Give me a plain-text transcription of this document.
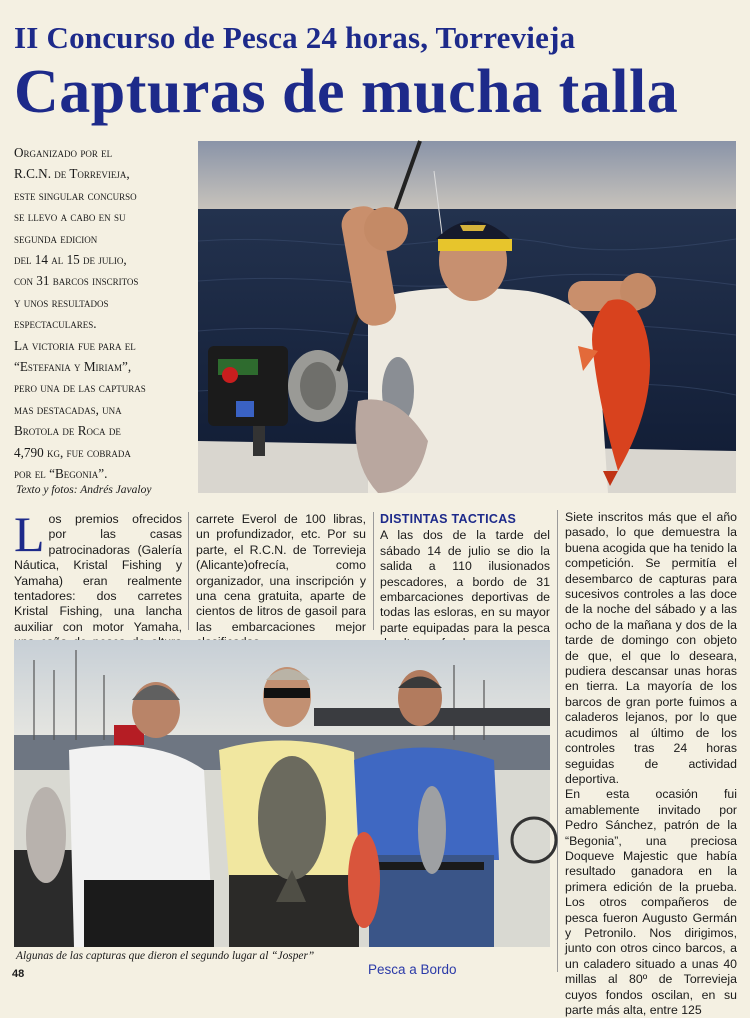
II Concurso de Pesca 24 horas, Torrevieja
Capturas de mucha talla

Organizado por el

R.C.N. de Torrevieja,

este singular concurso

se llevo a cabo en su

segunda edicion

del 14 al 15 de julio,

con 31 barcos inscritos

y unos resultados

espectaculares.

La victoria fue para el

“Estefania y Miriam”,

pero una de las capturas

mas destacadas, una

Brotola de Roca de

4,790 kg, fue cobrada

por el “Begonia”.

Texto y fotos: Andrés Javaloy
L os premios ofrecidos por las casas patrocinadoras (Galería Náutica, Kristal Fishing y Yamaha) eran realmente tentadores: dos carretes Kristal Fishing, una lancha auxiliar con motor Yamaha,
carrete Everol de 100 libras, un profundizador, etc. Por su parte, el R.C.N. de Torrevieja (Alicante)ofrecía, como organizador, una inscripción y una cena gratuita, aparte de cientos de litros de gasoil para las embarcaciones mejor
DISTINTAS TACTICAS
A las dos de la tarde del sábado 14 de julio se dio la salida a 110 ilusionados pescadores, a bordo de 31 embarcaciones deportivas de todas las esloras, en su mayor parte equipadas para la pesca
Siete inscritos más que el año pasado, lo que demuestra la buena acogida que ha tenido la competición. Se permitía el desembarco de capturas para sucesivos controles a las doce de la noche del sábado y a las ocho de la mañana y dos de la tarde de domingo con objeto de que, el que lo deseara, pudiera descansar unas horas en tierra. La mayoría de los barcos de gran porte fuimos a caladeros lejanos, por lo que acudimos al último de los controles tras 24 horas seguidas de actividad deportiva.
En esta ocasión fui amablemente invitado por Pedro Sánchez, patrón de la “Begonia”, una preciosa Doqueve Majestic que había resultado ganadora en la primera edición de la prueba. Los otros compañeros de pesca fueron Augusto Germán y Petronilo. Nos dirigimos, junto con otros cinco barcos, a un caladero situado a unas 40 millas al 80º de Torrevieja cuyos fondos oscilan, en su parte más alta, entre 125
Algunas de las capturas que dieron el segundo lugar al “Josper”
48	Pesca a Bordo
